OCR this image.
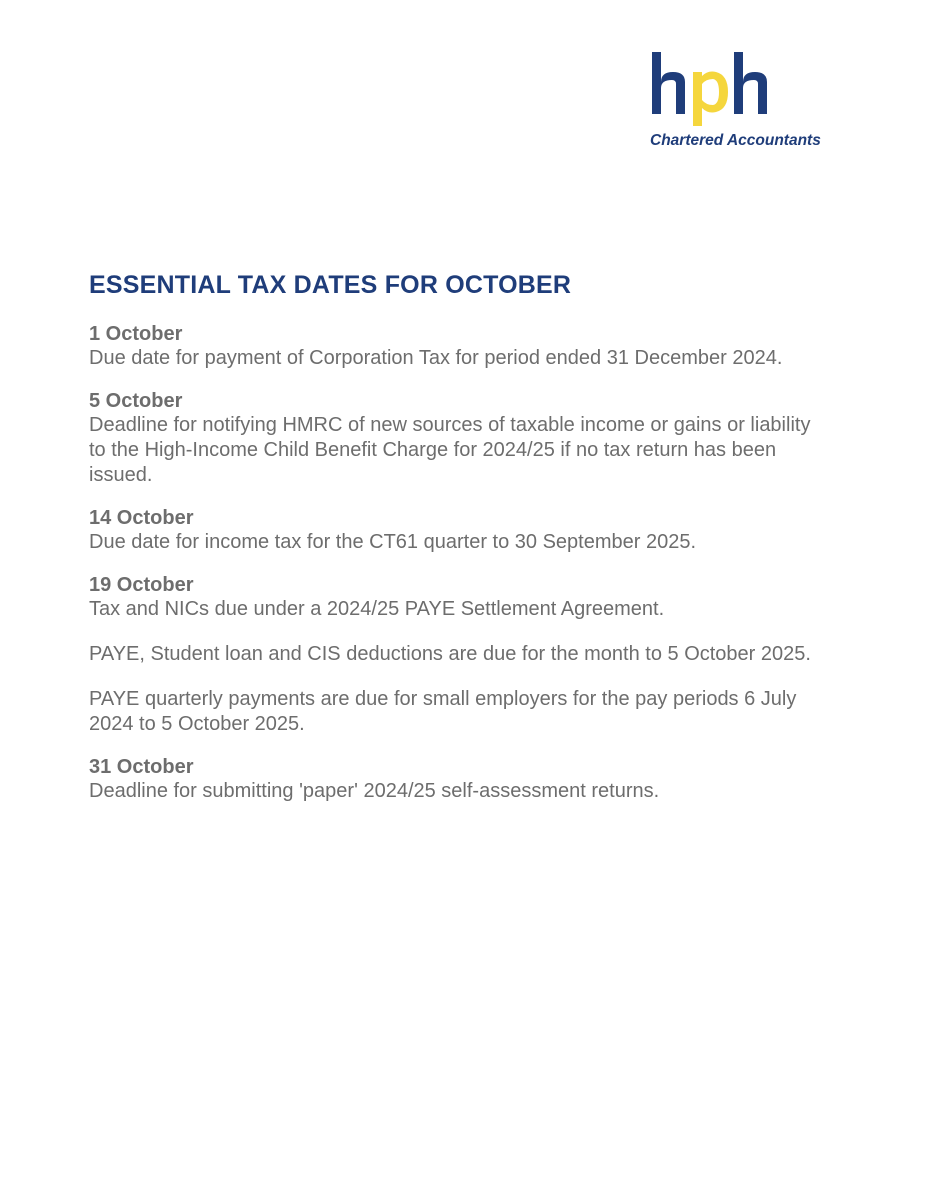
Chartered Accountants
ESSENTIAL TAX DATES FOR OCTOBER
1 October

Due date for payment of Corporation Tax for period ended 31 December 2024.

5 October

Deadline for notifying HMRC of new sources of taxable income or gains or liability to the High-Income Child Benefit Charge for 2024/25 if no tax return has been issued.

14 October

Due date for income tax for the CT61 quarter to 30 September 2025.

19 October

Tax and NICs due under a 2024/25 PAYE Settlement Agreement.

PAYE, Student loan and CIS deductions are due for the month to 5 October 2025.

PAYE quarterly payments are due for small employers for the pay periods 6 July 2024 to 5 October 2025.

31 October

Deadline for submitting 'paper' 2024/25 self-assessment returns.
